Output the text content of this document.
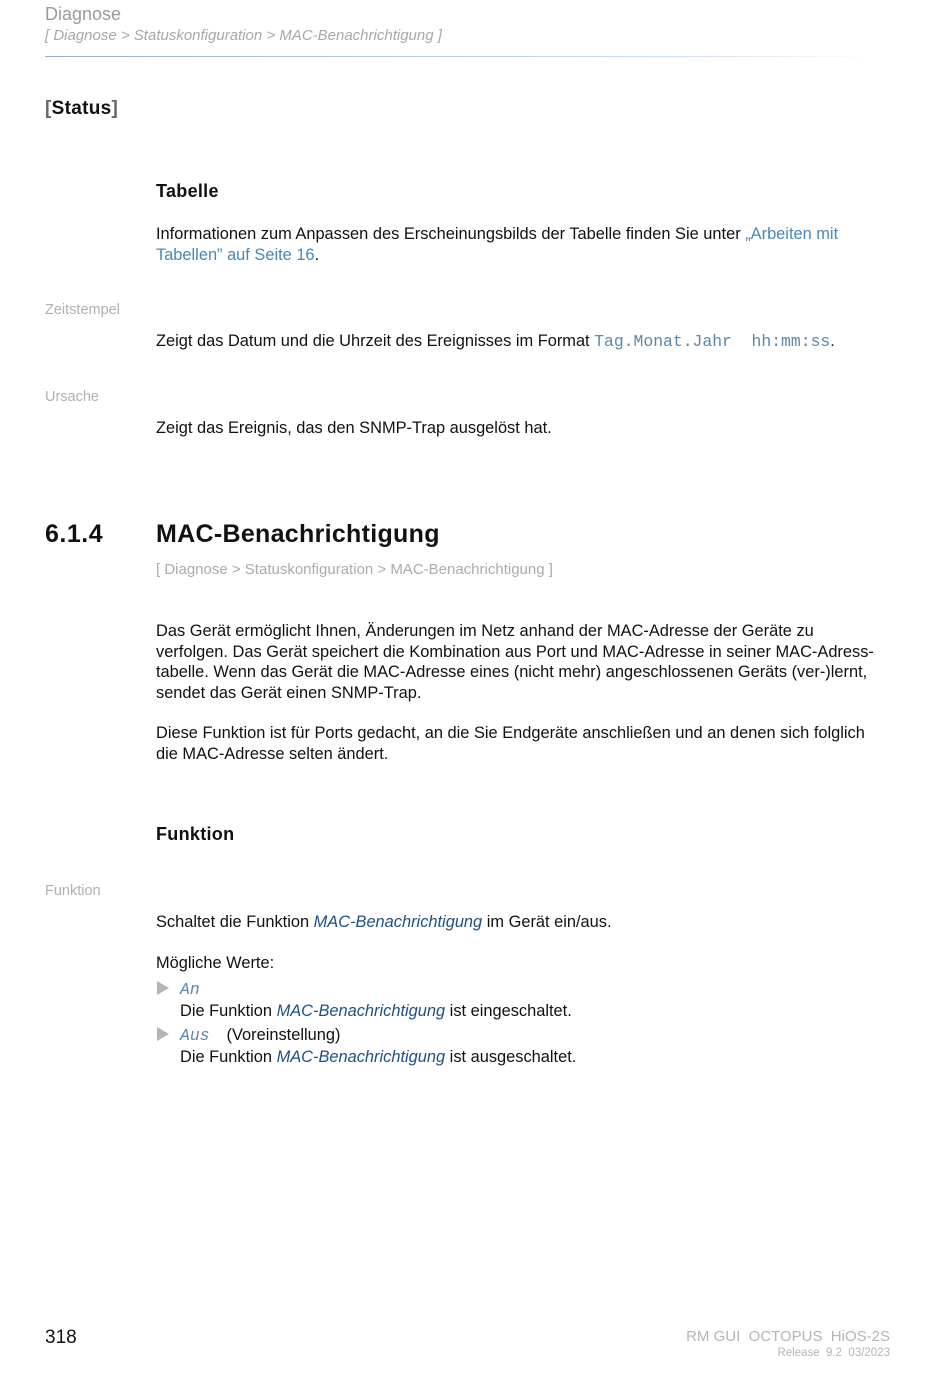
Diagnose
[ Diagnose > Statuskonfiguration > MAC-Benachrichtigung ]
[Status]
Tabelle
Informationen zum Anpassen des Erscheinungsbilds der Tabelle finden Sie unter „Arbeiten mit
Tabellen” auf Seite 16.
Zeitstempel
Zeigt das Datum und die Uhrzeit des Ereignisses im Format Tag.Monat.Jahr  hh:mm:ss.
Ursache
Zeigt das Ereignis, das den SNMP-Trap ausgelöst hat.
6.1.4 MAC-Benachrichtigung
[ Diagnose > Statuskonfiguration > MAC-Benachrichtigung ]
Das Gerät ermöglicht Ihnen, Änderungen im Netz anhand der MAC-Adresse der Geräte zu
verfolgen. Das Gerät speichert die Kombination aus Port und MAC-Adresse in seiner MAC-Adress-
tabelle. Wenn das Gerät die MAC-Adresse eines (nicht mehr) angeschlossenen Geräts (ver-)lernt,
sendet das Gerät einen SNMP-Trap.
Diese Funktion ist für Ports gedacht, an die Sie Endgeräte anschließen und an denen sich folglich
die MAC-Adresse selten ändert.
Funktion
Funktion
Schaltet die Funktion MAC-Benachrichtigung im Gerät ein/aus.
Mögliche Werte:
An
Die Funktion MAC-Benachrichtigung ist eingeschaltet.
Aus (Voreinstellung)
Die Funktion MAC-Benachrichtigung ist ausgeschaltet.
318	RM GUI  OCTOPUS  HiOS-2S
Release  9.2  03/2023
